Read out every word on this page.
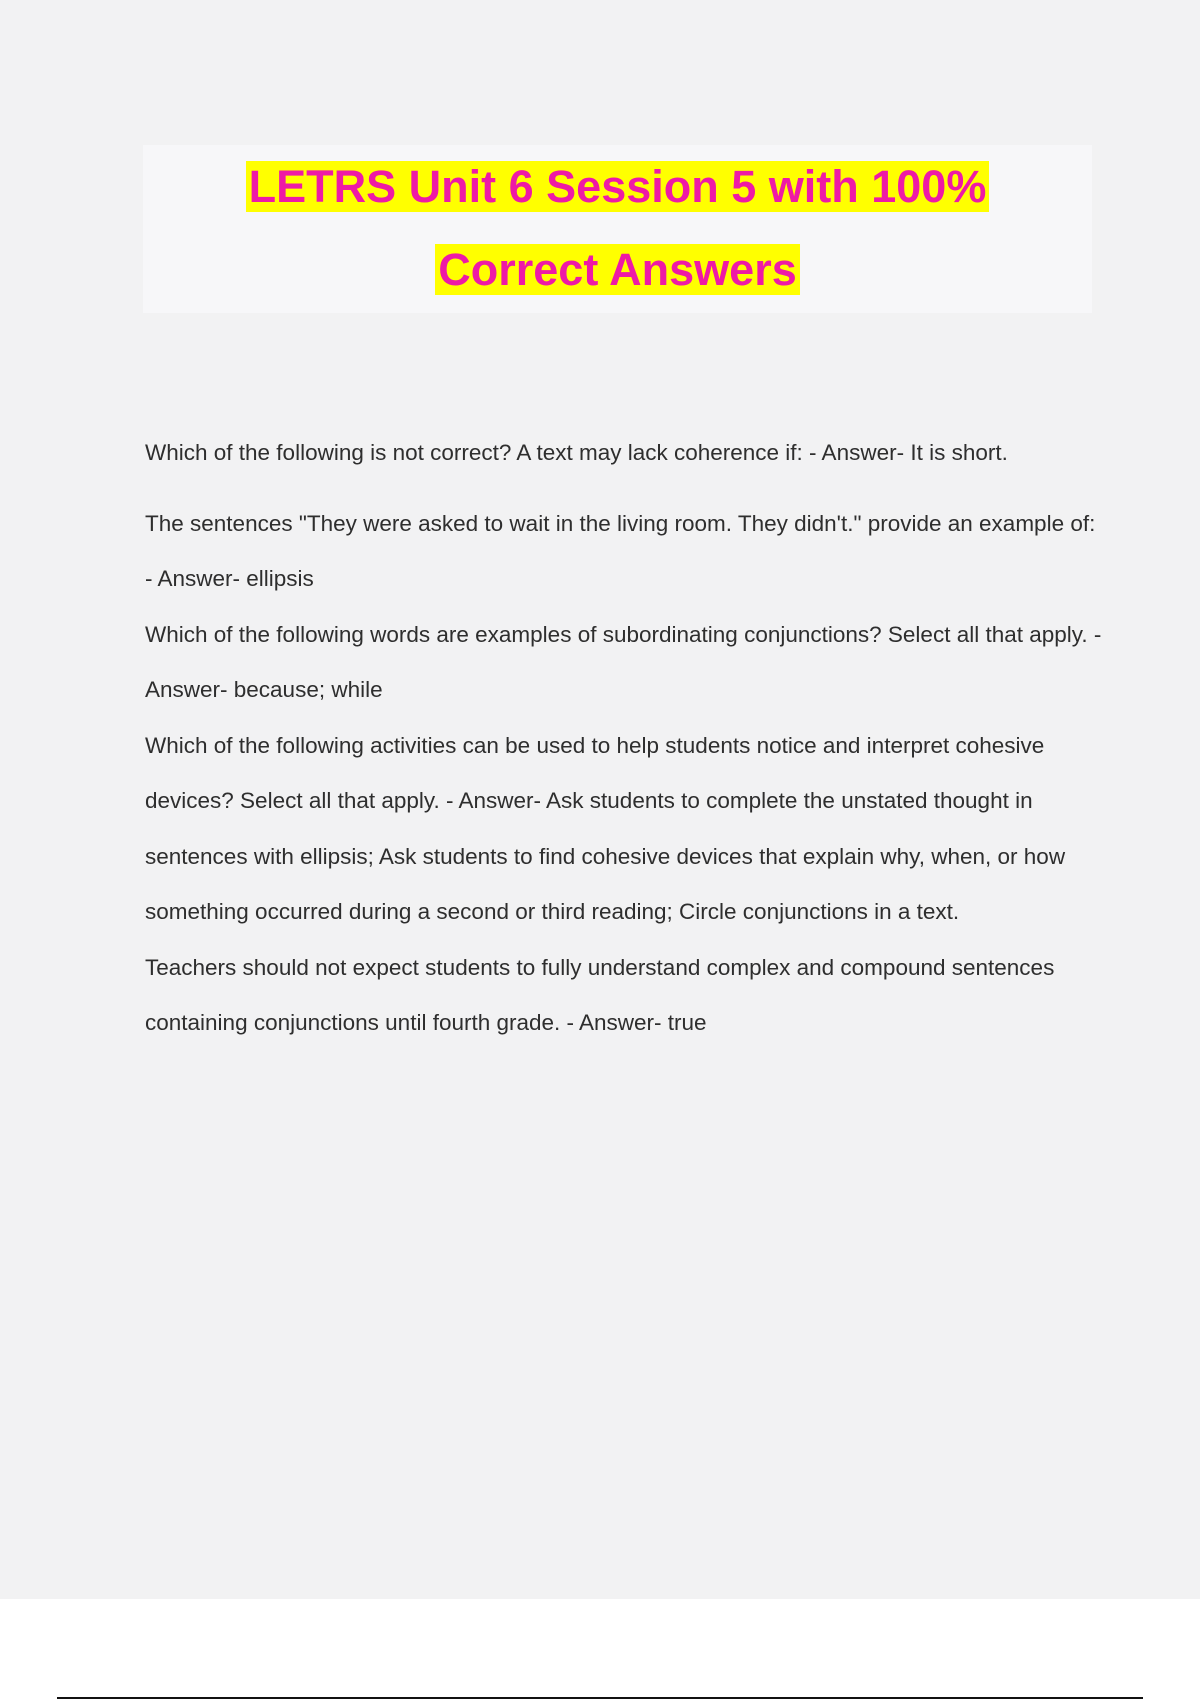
LETRS Unit 6 Session 5 with 100%
Correct Answers

Which of the following is not correct? A text may lack coherence if: - Answer- It is short.

The sentences "They were asked to wait in the living room. They didn't." provide an example of: - Answer- ellipsis

Which of the following words are examples of subordinating conjunctions? Select all that apply. - Answer- because; while

Which of the following activities can be used to help students notice and interpret cohesive devices? Select all that apply. - Answer- Ask students to complete the unstated thought in sentences with ellipsis; Ask students to find cohesive devices that explain why, when, or how something occurred during a second or third reading; Circle conjunctions in a text.

Teachers should not expect students to fully understand complex and compound sentences containing conjunctions until fourth grade. - Answer- true
